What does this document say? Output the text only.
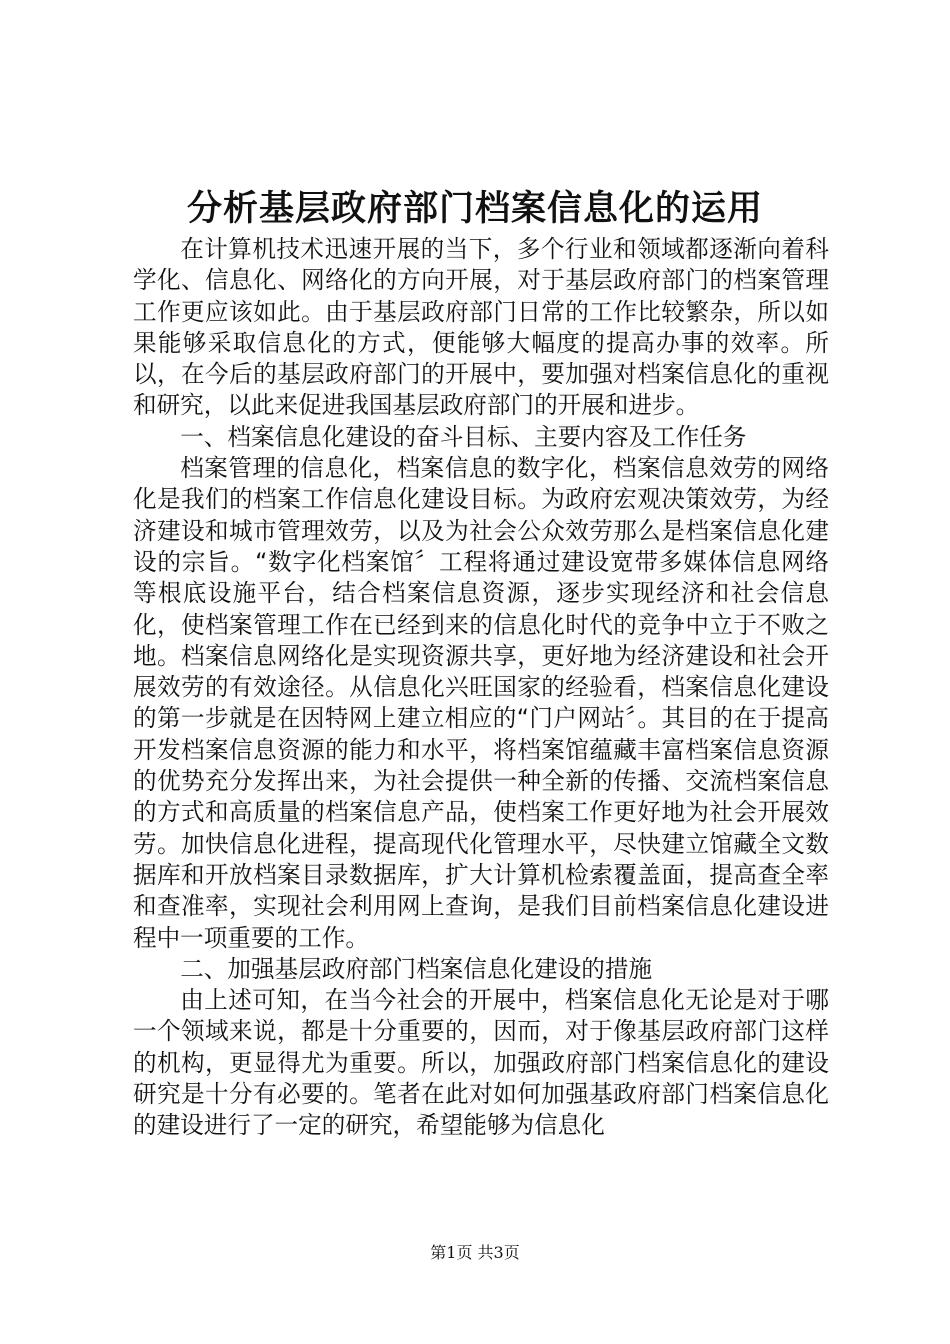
分析基层政府部门档案信息化的运用

在计算机技术迅速开展的当下，多个行业和领域都逐渐向着科学化、信息化、网络化的方向开展，对于基层政府部门的档案管理工作更应该如此。由于基层政府部门日常的工作比较繁杂，所以如果能够采取信息化的方式，便能够大幅度的提高办事的效率。所以，在今后的基层政府部门的开展中，要加强对档案信息化的重视和研究，以此来促进我国基层政府部门的开展和进步。

一、档案信息化建设的奋斗目标、主要内容及工作任务

档案管理的信息化，档案信息的数字化，档案信息效劳的网络化是我们的档案工作信息化建设目标。为政府宏观决策效劳，为经济建设和城市管理效劳，以及为社会公众效劳那么是档案信息化建设的宗旨。“数字化档案馆〞工程将通过建设宽带多媒体信息网络等根底设施平台，结合档案信息资源，逐步实现经济和社会信息化，使档案管理工作在已经到来的信息化时代的竞争中立于不败之地。档案信息网络化是实现资源共享，更好地为经济建设和社会开展效劳的有效途径。从信息化兴旺国家的经验看，档案信息化建设的第一步就是在因特网上建立相应的“门户网站〞。其目的在于提高开发档案信息资源的能力和水平，将档案馆蕴藏丰富档案信息资源的优势充分发挥出来，为社会提供一种全新的传播、交流档案信息的方式和高质量的档案信息产品，使档案工作更好地为社会开展效劳。加快信息化进程，提高现代化管理水平，尽快建立馆藏全文数据库和开放档案目录数据库，扩大计算机检索覆盖面，提高查全率和查准率，实现社会利用网上查询，是我们目前档案信息化建设进程中一项重要的工作。

二、加强基层政府部门档案信息化建设的措施

由上述可知，在当今社会的开展中，档案信息化无论是对于哪一个领域来说，都是十分重要的，因而，对于像基层政府部门这样的机构，更显得尤为重要。所以，加强政府部门档案信息化的建设研究是十分有必要的。笔者在此对如何加强基政府部门档案信息化的建设进行了一定的研究，希望能够为信息化

第1页 共3页
